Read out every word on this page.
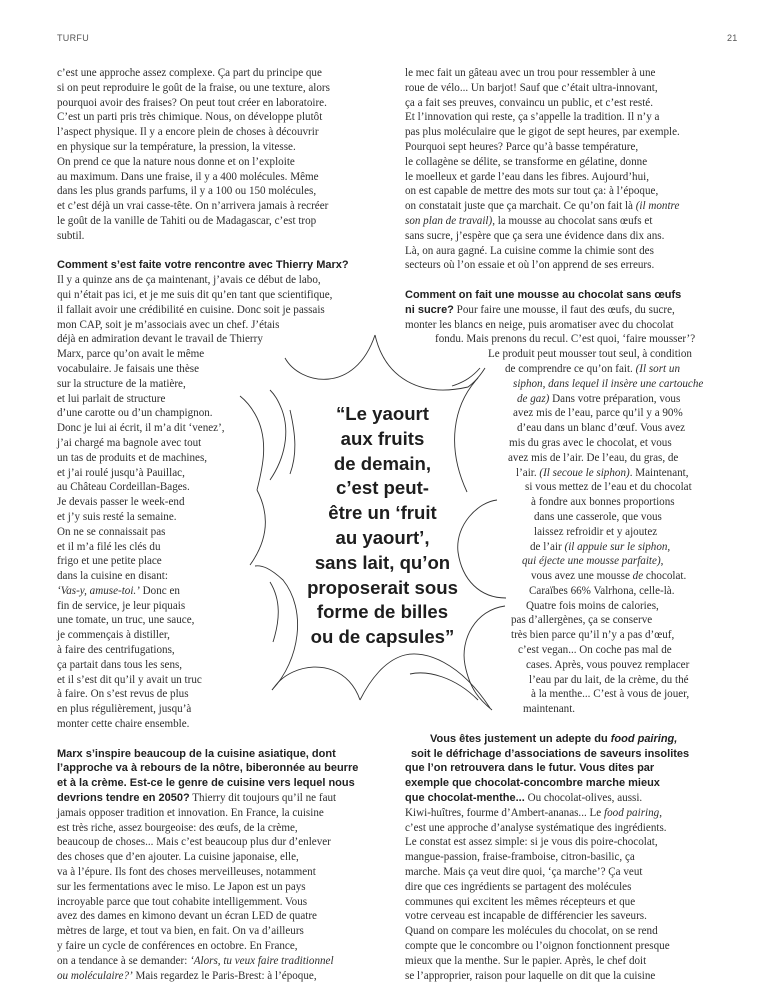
TURFU	21
c’est une approche assez complexe. Ça part du principe que
si on peut reproduire le goût de la fraise, ou une texture, alors
pourquoi avoir des fraises? On peut tout créer en laboratoire.
C’est un parti pris très chimique. Nous, on développe plutôt
l’aspect physique. Il y a encore plein de choses à découvrir
en physique sur la température, la pression, la vitesse.
On prend ce que la nature nous donne et on l’exploite
au maximum. Dans une fraise, il y a 400 molécules. Même
dans les plus grands parfums, il y a 100 ou 150 molécules,
et c’est déjà un vrai casse-tête. On n’arrivera jamais à recréer
le goût de la vanille de Tahiti ou de Madagascar, c’est trop
subtil.
Comment s’est faite votre rencontre avec Thierry Marx?
Il y a quinze ans de ça maintenant, j’avais ce début de labo,
qui n’était pas ici, et je me suis dit qu’en tant que scientifique,
il fallait avoir une crédibilité en cuisine. Donc soit je passais
mon CAP, soit je m’associais avec un chef. J’étais
déjà en admiration devant le travail de Thierry
Marx, parce qu’on avait le même
vocabulaire. Je faisais une thèse
sur la structure de la matière,
et lui parlait de structure
d’une carotte ou d’un champignon.
Donc je lui ai écrit, il m’a dit ‘venez’,
j’ai chargé ma bagnole avec tout
un tas de produits et de machines,
et j’ai roulé jusqu’à Pauillac,
au Château Cordeillan-Bages.
Je devais passer le week-end
et j’y suis resté la semaine.
On ne se connaissait pas
et il m’a filé les clés du
frigo et une petite place
dans la cuisine en disant:
‘Vas-y, amuse-toi.’ Donc en
fin de service, je leur piquais
une tomate, un truc, une sauce,
je commençais à distiller,
à faire des centrifugations,
ça partait dans tous les sens,
et il s’est dit qu’il y avait un truc
à faire. On s’est revus de plus
en plus régulièrement, jusqu’à
monter cette chaire ensemble.
Marx s’inspire beaucoup de la cuisine asiatique, dont
l’approche va à rebours de la nôtre, biberonnée au beurre
et à la crème. Est-ce le genre de cuisine vers lequel nous
devrions tendre en 2050? Thierry dit toujours qu’il ne faut
jamais opposer tradition et innovation. En France, la cuisine
est très riche, assez bourgeoise: des œufs, de la crème,
beaucoup de choses... Mais c’est beaucoup plus dur d’enlever
des choses que d’en ajouter. La cuisine japonaise, elle,
va à l’épure. Ils font des choses merveilleuses, notamment
sur les fermentations avec le miso. Le Japon est un pays
incroyable parce que tout cohabite intelligemment. Vous
avez des dames en kimono devant un écran LED de quatre
mètres de large, et tout va bien, en fait. On va d’ailleurs
y faire un cycle de conférences en octobre. En France,
on a tendance à se demander: ‘Alors, tu veux faire traditionnel
ou moléculaire?’ Mais regardez le Paris-Brest: à l’époque,
“Le yaourt
aux fruits
de demain,
c’est peut-
être un ‘fruit
au yaourt’,
sans lait, qu’on
proposerait sous
forme de billes
ou de capsules”
le mec fait un gâteau avec un trou pour ressembler à une
roue de vélo... Un barjot! Sauf que c’était ultra-innovant,
ça a fait ses preuves, convaincu un public, et c’est resté.
Et l’innovation qui reste, ça s’appelle la tradition. Il n’y a
pas plus moléculaire que le gigot de sept heures, par exemple.
Pourquoi sept heures? Parce qu’à basse température,
le collagène se délite, se transforme en gélatine, donne
le moelleux et garde l’eau dans les fibres. Aujourd’hui,
on est capable de mettre des mots sur tout ça: à l’époque,
on constatait juste que ça marchait. Ce qu’on fait là (il montre
son plan de travail), la mousse au chocolat sans œufs et
sans sucre, j’espère que ça sera une évidence dans dix ans.
Là, on aura gagné. La cuisine comme la chimie sont des
secteurs où l’on essaie et où l’on apprend de ses erreurs.
Comment on fait une mousse au chocolat sans œufs
ni sucre? Pour faire une mousse, il faut des œufs, du sucre,
monter les blancs en neige, puis aromatiser avec du chocolat
fondu. Mais prenons du recul. C’est quoi, ‘faire mousser’?
Le produit peut mousser tout seul, à condition
de comprendre ce qu’on fait. (Il sort un
siphon, dans lequel il insère une cartouche
de gaz) Dans votre préparation, vous
avez mis de l’eau, parce qu’il y a 90%
d’eau dans un blanc d’œuf. Vous avez
mis du gras avec le chocolat, et vous
avez mis de l’air. De l’eau, du gras, de
l’air. (Il secoue le siphon). Maintenant,
si vous mettez de l’eau et du chocolat
à fondre aux bonnes proportions
dans une casserole, que vous
laissez refroidir et y ajoutez
de l’air (il appuie sur le siphon,
qui éjecte une mousse parfaite),
vous avez une mousse de chocolat.
Caraïbes 66% Valrhona, celle-là.
Quatre fois moins de calories,
pas d’allergènes, ça se conserve
très bien parce qu’il n’y a pas d’œuf,
c’est vegan... On coche pas mal de
cases. Après, vous pouvez remplacer
l’eau par du lait, de la crème, du thé
à la menthe... C’est à vous de jouer,
maintenant.
Vous êtes justement un adepte du food pairing,
soit le défrichage d’associations de saveurs insolites
que l’on retrouvera dans le futur. Vous dites par
exemple que chocolat-concombre marche mieux
que chocolat-menthe... Ou chocolat-olives, aussi.
Kiwi-huîtres, fourme d’Ambert-ananas... Le food pairing,
c’est une approche d’analyse systématique des ingrédients.
Le constat est assez simple: si je vous dis poire-chocolat,
mangue-passion, fraise-framboise, citron-basilic, ça
marche. Mais ça veut dire quoi, ‘ça marche’? Ça veut
dire que ces ingrédients se partagent des molécules
communes qui excitent les mêmes récepteurs et que
votre cerveau est incapable de différencier les saveurs.
Quand on compare les molécules du chocolat, on se rend
compte que le concombre ou l’oignon fonctionnent presque
mieux que la menthe. Sur le papier. Après, le chef doit
se l’approprier, raison pour laquelle on dit que la cuisine
